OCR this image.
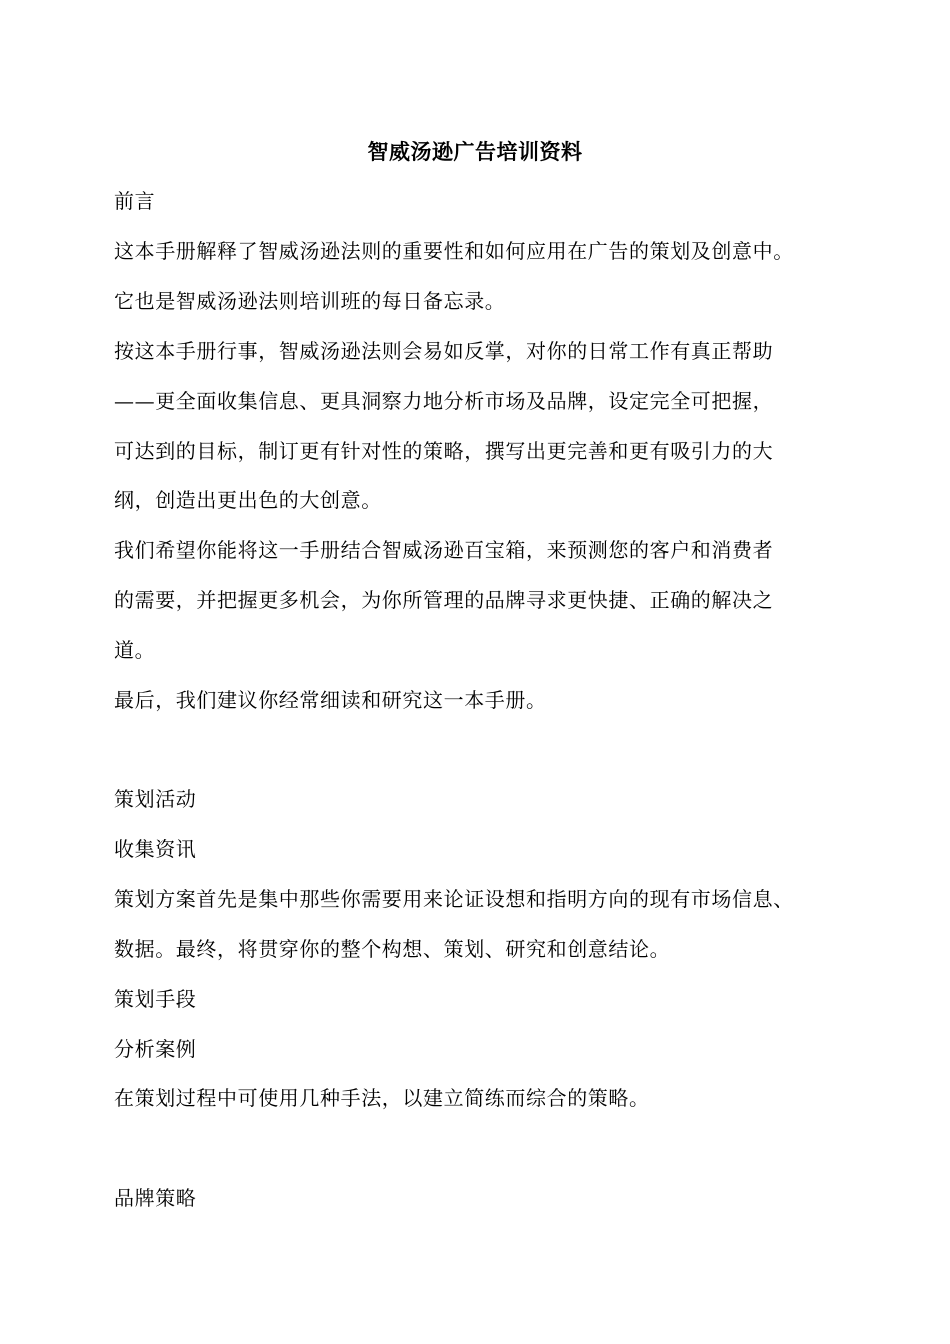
智威汤逊广告培训资料
前言
这本手册解释了智威汤逊法则的重要性和如何应用在广告的策划及创意中。
它也是智威汤逊法则培训班的每日备忘录。
按这本手册行事，智威汤逊法则会易如反掌，对你的日常工作有真正帮助
——更全面收集信息、更具洞察力地分析市场及品牌，设定完全可把握，
可达到的目标，制订更有针对性的策略，撰写出更完善和更有吸引力的大
纲，创造出更出色的大创意。
我们希望你能将这一手册结合智威汤逊百宝箱，来预测您的客户和消费者
的需要，并把握更多机会，为你所管理的品牌寻求更快捷、正确的解决之
道。
最后，我们建议你经常细读和研究这一本手册。
策划活动
收集资讯
策划方案首先是集中那些你需要用来论证设想和指明方向的现有市场信息、
数据。最终，将贯穿你的整个构想、策划、研究和创意结论。
策划手段
分析案例
在策划过程中可使用几种手法，以建立简练而综合的策略。
品牌策略
